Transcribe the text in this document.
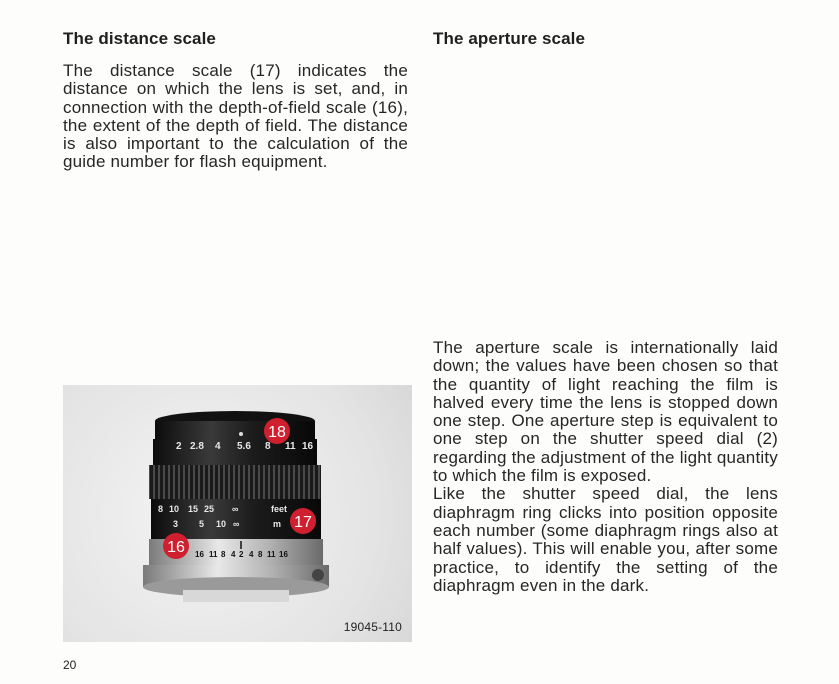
The distance scale

The distance scale (17) indicates the distance on which the lens is set, and, in connection with the depth-of-field scale (16), the extent of the depth of field. The distance is also important to the calculation of the guide number for flash equipment.

The aperture scale

The aperture scale is internationally laid down; the values have been chosen so that the quantity of light reaching the film is halved every time the lens is stopped down one step. One aperture step is equivalent to one step on the shutter speed dial (2) regarding the adjustment of the light quantity to which the film is exposed.

Like the shutter speed dial, the lens diaphragm ring clicks into position opposite each number (some diaphragm rings also at half values). This will enable you, after some practice, to identify the setting of the diaphragm even in the dark.

2 2.8 4 5.6 8 11 16
8 10 15 25 ∞	feet
3 5 10 ∞	m
16 11 8 4 2 4 8 11 16
18
17
16
19045-110
20
